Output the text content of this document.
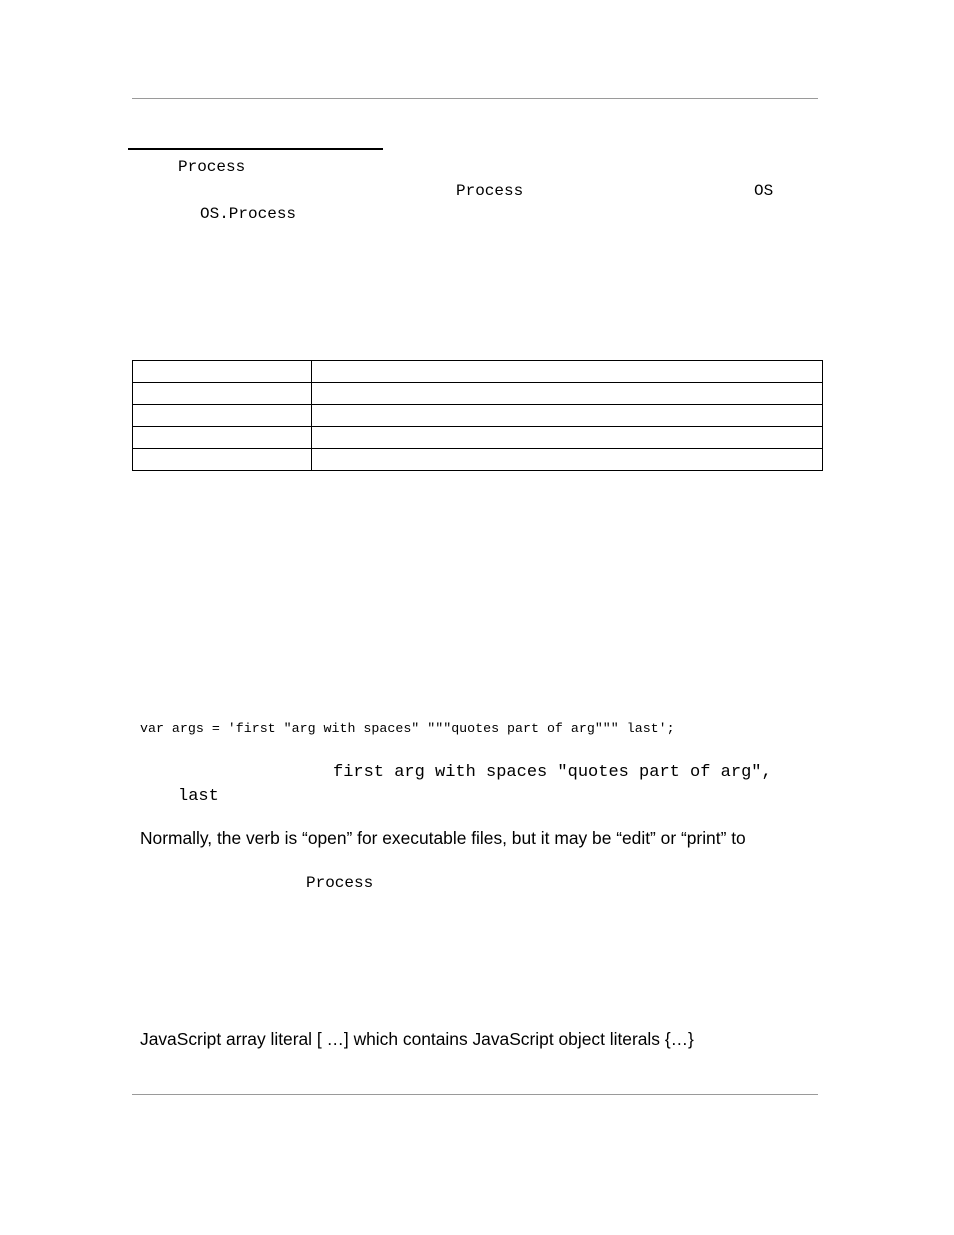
Process
Process	OS
OS.Process

var args = 'first "arg with spaces" """quotes part of arg""" last';
first arg with spaces "quotes part of arg",
last
Normally, the verb is “open” for executable files, but it may be “edit” or “print” to
Process
JavaScript array literal [ …] which contains JavaScript object literals {…}
